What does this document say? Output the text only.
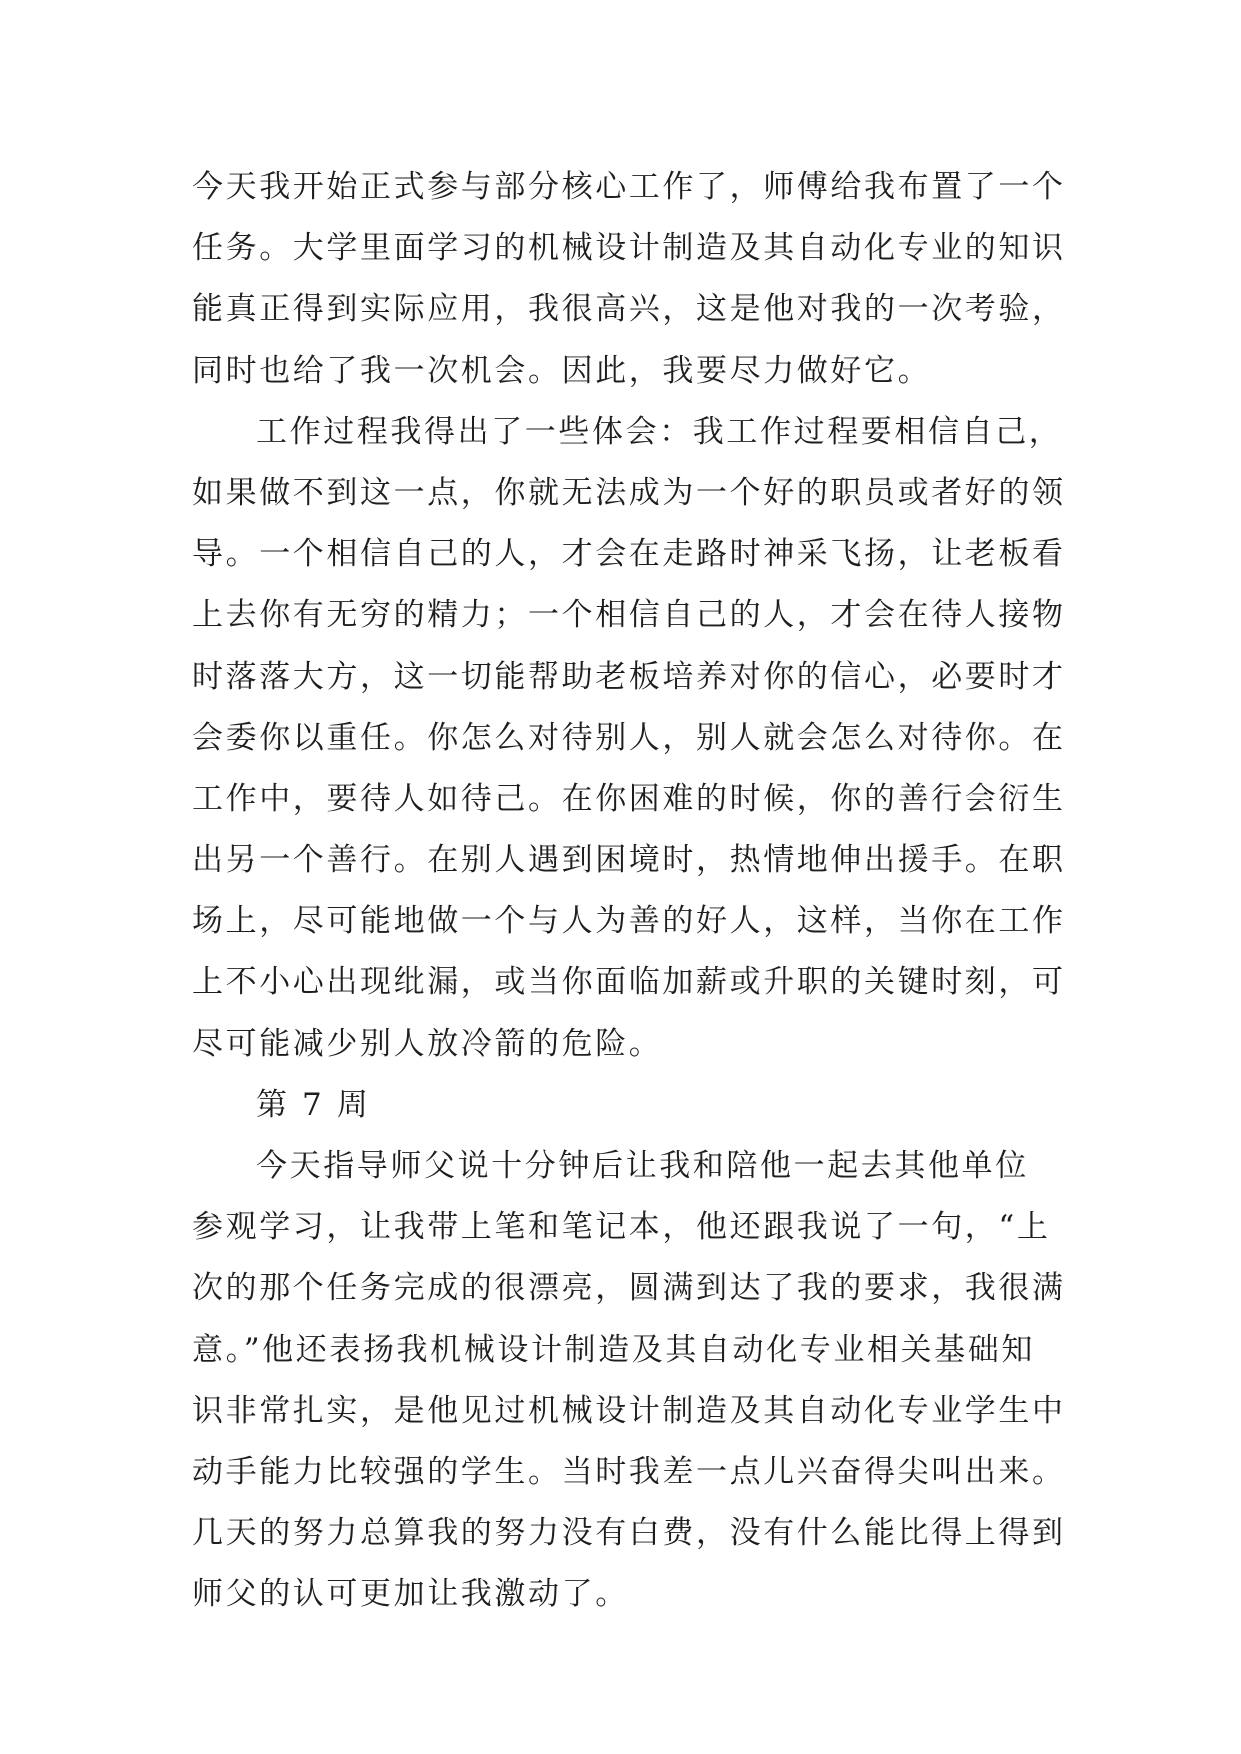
今天我开始正式参与部分核心工作了，师傅给我布置了一个
任务。大学里面学习的机械设计制造及其自动化专业的知识
能真正得到实际应用，我很高兴，这是他对我的一次考验，
同时也给了我一次机会。因此，我要尽力做好它。
工作过程我得出了一些体会：我工作过程要相信自己，
如果做不到这一点，你就无法成为一个好的职员或者好的领
导。一个相信自己的人，才会在走路时神采飞扬，让老板看
上去你有无穷的精力；一个相信自己的人，才会在待人接物
时落落大方，这一切能帮助老板培养对你的信心，必要时才
会委你以重任。你怎么对待别人，别人就会怎么对待你。在
工作中，要待人如待己。在你困难的时候，你的善行会衍生
出另一个善行。在别人遇到困境时，热情地伸出援手。在职
场上，尽可能地做一个与人为善的好人，这样，当你在工作
上不小心出现纰漏，或当你面临加薪或升职的关键时刻，可
尽可能减少别人放冷箭的危险。
第 7 周
今天指导师父说十分钟后让我和陪他一起去其他单位
参观学习，让我带上笔和笔记本，他还跟我说了一句，“上
次的那个任务完成的很漂亮，圆满到达了我的要求，我很满
意。”他还表扬我机械设计制造及其自动化专业相关基础知
识非常扎实，是他见过机械设计制造及其自动化专业学生中
动手能力比较强的学生。当时我差一点儿兴奋得尖叫出来。
几天的努力总算我的努力没有白费，没有什么能比得上得到
师父的认可更加让我激动了。
